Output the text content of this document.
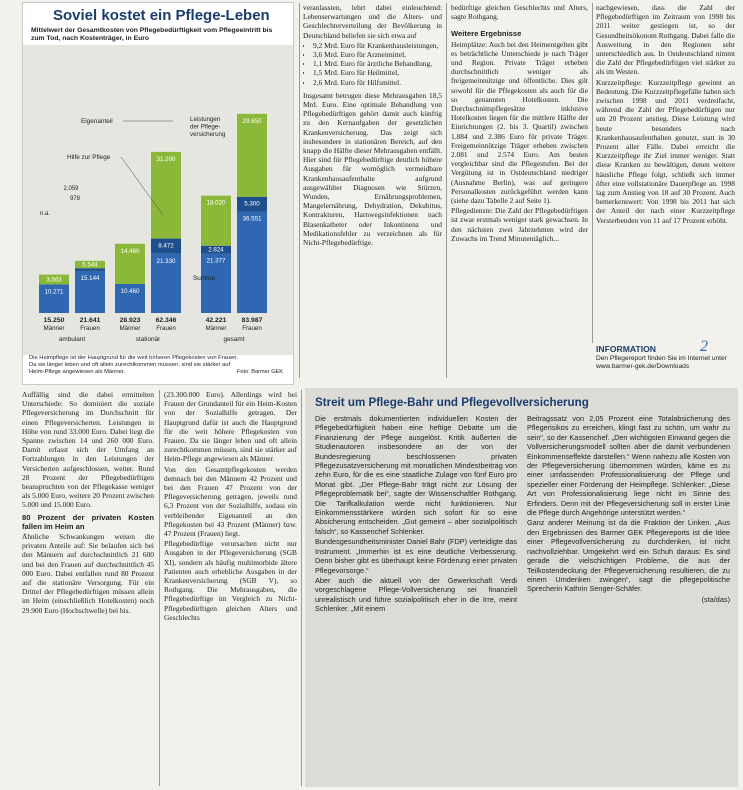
Soviel kostet ein Pflege-Leben
Mittelwert der Gesamtkosten von Pflegebedürftigkeit vom Pflegeeintritt bis zum Tod, nach Kostenträger, in Euro
10.271
3.563
15.250
Männer
15.144
5.544
21.641
Frauen
10.460
14.460
28.923
Männer
21.330
8.472
31.200
62.346
Frauen
21.377
2.824
18.020
42.221
Männer
36.551
5.300
29.850
83.987
Frauen
ambulant	stationär	gesamt
Eigenanteil
Hilfe zur Pflege
Leistungen der Pflege-versicherung
Summe
n.a.
2.059
978
Die Heimpflege ist der Hauptgrund für die weit höheren Pflegekosten von Frauen. Da sie länger leben und oft allein zurechtkommen müssen, sind sie stärker auf Heim-Pflege angewiesen als Männer.	Foto: Barmer GEK

veranlassten, lehrt dabei einleuchtend: Lebenserwartungen und die Alters- und Geschlechterverteilung der Bevölkerung in Deutschland beliefen sie sich etwa auf

• 9,2 Mrd. Euro für Krankenhausleistungen,
• 3,6 Mrd. Euro für Arzneimittel,
• 1,1 Mrd. Euro für ärztliche Behandlung,
• 1,5 Mrd. Euro für Heilmittel,
• 2,6 Mrd. Euro für Hilfsmittel.

Insgesamt betrugen diese Mehrausgaben 18,5 Mrd. Euro. Eine optimale Behandlung von Pflegebedürftigen gehört damit auch künftig zu den Kernaufgaben der gesetzlichen Krankenversicherung. Das zeigt sich insbesondere in stationären Bereich, auf den knapp die Hälfte dieser Mehrausgaben entfällt. Hier sind für Pflegebedürftige deutlich höhere Ausgaben für womöglich vermeidbare Krankenhausaufenthalte aufgrund ausgewählter Diagnosen wie Stürzen, Wunden, Ernährungsproblemen, Mangelernährung, Dehydration, Dekubitus, Kontrakturen, Harnwegsinfektionen nach Blasenkatheter oder Inkontinenz und Medikationsfehler zu verzeichnen als für Nicht-Pflegebedürftige.

bedürftige gleichen Geschlechts und Alters, sagte Rothgang.

Weitere Ergebnisse

Heimplätze: Auch bei den Heimentgelten gibt es beträchtliche Unterschiede je nach Träger und Region. Private Träger erheben durchschnittlich weniger als freigemeinnützige und öffentliche. Dies gilt sowohl für die Pflegekosten als auch für die so genannten Hotelkosten. Die Durchschnittspflegesätze inklusive Hotelkosten liegen für die mittlere Hälfte der Einrichtungen (2. bis 3. Quartil) zwischen 1.884 und 2.386 Euro für private Träger. Freigemeinnützige Träger erheben zwischen 2.081 und 2.574 Euro. Am besten vergleichbar sind die Pflegestufen. Bei der Vergütung ist in Ostdeutschland niedriger (Ausnahme Berlin), was auf geringere Personalkosten zurückgeführt werden kann (siehe dazu Tabelle 2 auf Seite 1).

Pflegedienste: Die Zahl der Pflegebedürftigen ist zwar erstmals weniger stark gewachsen. In den nächsten zwei Jahrzehnten wird der Zuwachs im Trend Minutentäglich...

nachgewiesen, dass die Zahl der Pflegebedürftigen im Zeitraum von 1998 bis 2011 weiter gestiegen ist, so der Gesundheitsökonom Rothgang. Dabei falle die Ausweitung in den Regionen sehr unterschiedlich aus. In Ostdeutschland nimmt die Zahl der Pflegebedürftigen viel stärker zu als im Westen.

Kurzzeitpflege: Kurzzeitpflege gewinnt an Bedeutung. Die Kurzzeitpflegefälle haben sich zwischen 1998 und 2011 verdreifacht, während die Zahl der Pflegebedürftigen nur um 20 Prozent anstieg. Diese Leistung wird heute besonders nach Krankenhausaufenthalten genutzt, statt in 30 Prozent aller Fälle. Dabei erreicht die Kurzzeitpflege ihr Ziel immer weniger. Statt diese Kranken zu bewältigen, denen weitere häusliche Pflege folgt, schließt sich immer öfter eine vollstationäre Dauerpflege an. 1998 lag zum Anstieg von 18 auf 30 Prozent. Auch bemerkenswert: Von 1998 bis 2011 hat sich der Anteil der nach einer Kurzzeitpflege Versterbenden von 11 auf 17 Prozent erhöht.

INFORMATION
Den Pflegereport finden Sie im Internet unter www.barmer-gek.de/Downloads
2

Auffällig sind die dabei ermittelten Unterschiede: So dominiert die soziale Pflegeversicherung im Durchschnitt für einen Pflegeversicherten. Leistungen in Höhe von rund 33.000 Euro. Dabei liegt die Spanne zwischen 14 und 260 000 Euro. Damit erfasst sich der Umfang an Fortzahlungen in den Leistungen der Versicherten aufgeschlossen, weiter. Rund 28 Prozent der Pflegebedürftigen beanspruchten von der Pflegekasse weniger als 5.000 Euro, weitere 20 Prozent zwischen 5.000 und 15.000 Euro.

80 Prozent der privaten Kosten fallen im Heim an

Ähnliche Schwankungen weisen die privaten Anteile auf: Sie belaufen sich bei den Männern auf durchschnittlich 21 600 und bei den Frauen auf durchschnittlich 45 000 Euro. Dabei entfallen rund 80 Prozent auf die stationäre Versorgung. Für ein Drittel der Pflegebedürftigen müssen allein im Heim (einschließlich Hotelkosten) noch 29.900 Euro (Hochschwelle) bei bis.

(23.300.000 Euro). Allerdings wird bei Frauen der Grundanteil für ein Heim-Kosten von der Sozialhilfe getragen. Der Hauptgrund dafür ist auch die Hauptgrund für die weit höhere Pflegekosten von Frauen. Da sie länger leben und oft allein zurechtkommen müssen, sind sie stärker auf Heim-Pflege angewiesen als Männer.

Von den Gesamtpflegekosten werden demnach bei den Männern 42 Prozent und bei den Frauen 47 Prozent von der Pflegeversicherung getragen, jeweils rund 6,3 Prozent von der Sozialhilfe, sodass ein verbleibender Eigenanteil an den Pflegekosten bei 43 Prozent (Männer) bzw. 47 Prozent (Frauen) liegt.

Pflegebedürftige verursachen nicht nur Ausgaben in der Pflegeversicherung (SGB XI), sondern als häufig multimorbide ältere Patienten auch erhebliche Ausgaben in der Krankenversicherung (SGB V), so Rothgang. Die Mehrausgaben, die Pflegebedürftige im Vergleich zu Nicht-Pflegebedürftigen gleichen Alters und Geschlechts

Streit um Pflege-Bahr und Pflegevollversicherung

Die erstmals dokumentierten individuellen Kosten der Pflegebedürftigkeit haben eine heftige Debatte um die Finanzierung der Pflege ausgelöst. Kritik äußerten die Studienautoren insbesondere an der von der Bundesregierung beschlossenen privaten Pflegezusatzversicherung mit monatlichen Mindestbeitrag von zehn Euro, für die es eine staatliche Zulage von fünf Euro pro Monat gibt. „Der Pflege-Bahr trägt nicht zur Lösung der Pflegeproblematik bei“, sagte der Wissenschaftler Rothgang. Die Tarifkalkulation werde nicht funktionieren. Nur Einkommensstärkere würden sich sofort für so eine Absicherung entscheiden. „Gut gemeint – aber sozialpolitisch falsch“, so Kassenchef Schlenker.

Bundesgesundheitsminister Daniel Bahr (FDP) verteidigte das Instrument. „Immerhin ist es eine deutliche Verbesserung. Denn bisher gibt es überhaupt keine Förderung einer privaten Pflegevorsorge.“

Aber auch die aktuell von der Gewerkschaft Verdi vorgeschlagene Pflege-Vollversicherung sei finanziell unrealistisch und führe sozialpolitisch eher in die Irre, meint Schlenker. „Mit einem

Beitragssatz von 2,05 Prozent eine Totalabsicherung des Pflegerisikos zu erreichen, klingt fast zu schön, um wahr zu sein“, so der Kassenchef. „Den wichtigsten Einwand gegen die Vollversicherungsmodell sollten aber die damit verbundenen Einkommenseffekte darstellen.“ Wenn nahezu alle Kosten von der Pflegeversicherung übernommen würden, käme es zu einer umfassenden Professionalisierung der Pflege und spezieller einer Förderung der Heimpflege. Schlenker: „Diese Art von Professionalisierung liege nicht im Sinne des Erfinders. Denn mit der Pflegeversicherung soll in erster Linie die Pflege durch Angehörige unterstützt werden.“

Ganz anderer Meinung ist da die Fraktion der Linken. „Aus den Ergebnissen des Barmer GEK Pflegereports ist die Idee einer Pflegevollversicherung zu durchdenken, ist nicht nachvollziehbar. Umgekehrt wird ein Schuh daraus: Es sind gerade die vielschichtigen Probleme, die aus der Teilkostendeckung der Pflegeversicherung resultieren, die zu einem Umdenken zwingen“, sagt die pflegepolitische Sprecherin Kathrin Senger-Schäfer.

(sta/das)
